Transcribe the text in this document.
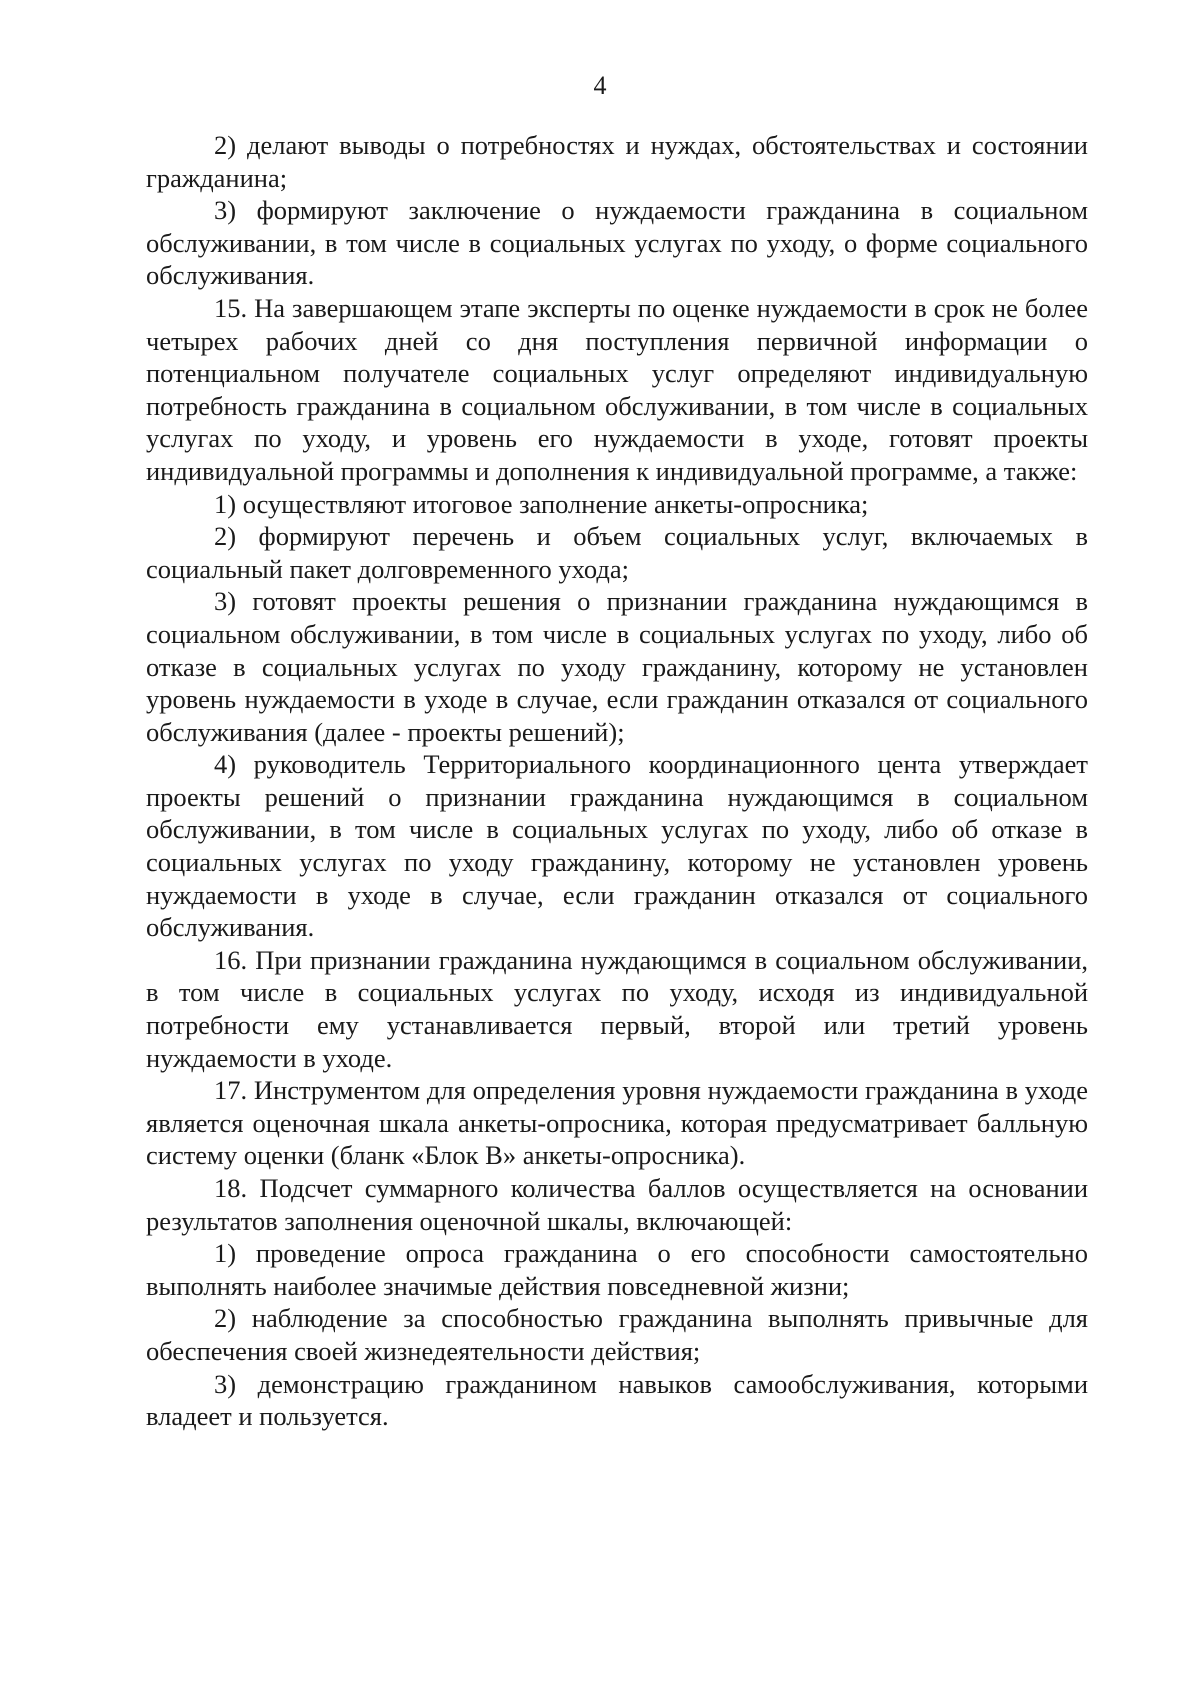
4

2) делают выводы о потребностях и нуждах, обстоятельствах и состоянии гражданина;

3) формируют заключение о нуждаемости гражданина в социальном обслуживании, в том числе в социальных услугах по уходу, о форме социального обслуживания.

15. На завершающем этапе эксперты по оценке нуждаемости в срок не более четырех рабочих дней со дня поступления первичной информации о потенциальном получателе социальных услуг определяют индивидуальную потребность гражданина в социальном обслуживании, в том числе в социальных услугах по уходу, и уровень его нуждаемости в уходе, готовят проекты индивидуальной программы и дополнения к индивидуальной программе, а также:

1) осуществляют итоговое заполнение анкеты-опросника;

2) формируют перечень и объем социальных услуг, включаемых в социальный пакет долговременного ухода;

3) готовят проекты решения о признании гражданина нуждающимся в социальном обслуживании, в том числе в социальных услугах по уходу, либо об отказе в социальных услугах по уходу гражданину, которому не установлен уровень нуждаемости в уходе в случае, если гражданин отказался от социального обслуживания (далее - проекты решений);

4) руководитель Территориального координационного цента утверждает проекты решений о признании гражданина нуждающимся в социальном обслуживании, в том числе в социальных услугах по уходу, либо об отказе в социальных услугах по уходу гражданину, которому не установлен уровень нуждаемости в уходе в случае, если гражданин отказался от социального обслуживания.

16. При признании гражданина нуждающимся в социальном обслуживании, в том числе в социальных услугах по уходу, исходя из индивидуальной потребности ему устанавливается первый, второй или третий уровень нуждаемости в уходе.

17. Инструментом для определения уровня нуждаемости гражданина в уходе является оценочная шкала анкеты-опросника, которая предусматривает балльную систему оценки (бланк «Блок В» анкеты-опросника).

18. Подсчет суммарного количества баллов осуществляется на основании результатов заполнения оценочной шкалы, включающей:

1) проведение опроса гражданина о его способности самостоятельно выполнять наиболее значимые действия повседневной жизни;

2) наблюдение за способностью гражданина выполнять привычные для обеспечения своей жизнедеятельности действия;

3) демонстрацию гражданином навыков самообслуживания, которыми владеет и пользуется.
